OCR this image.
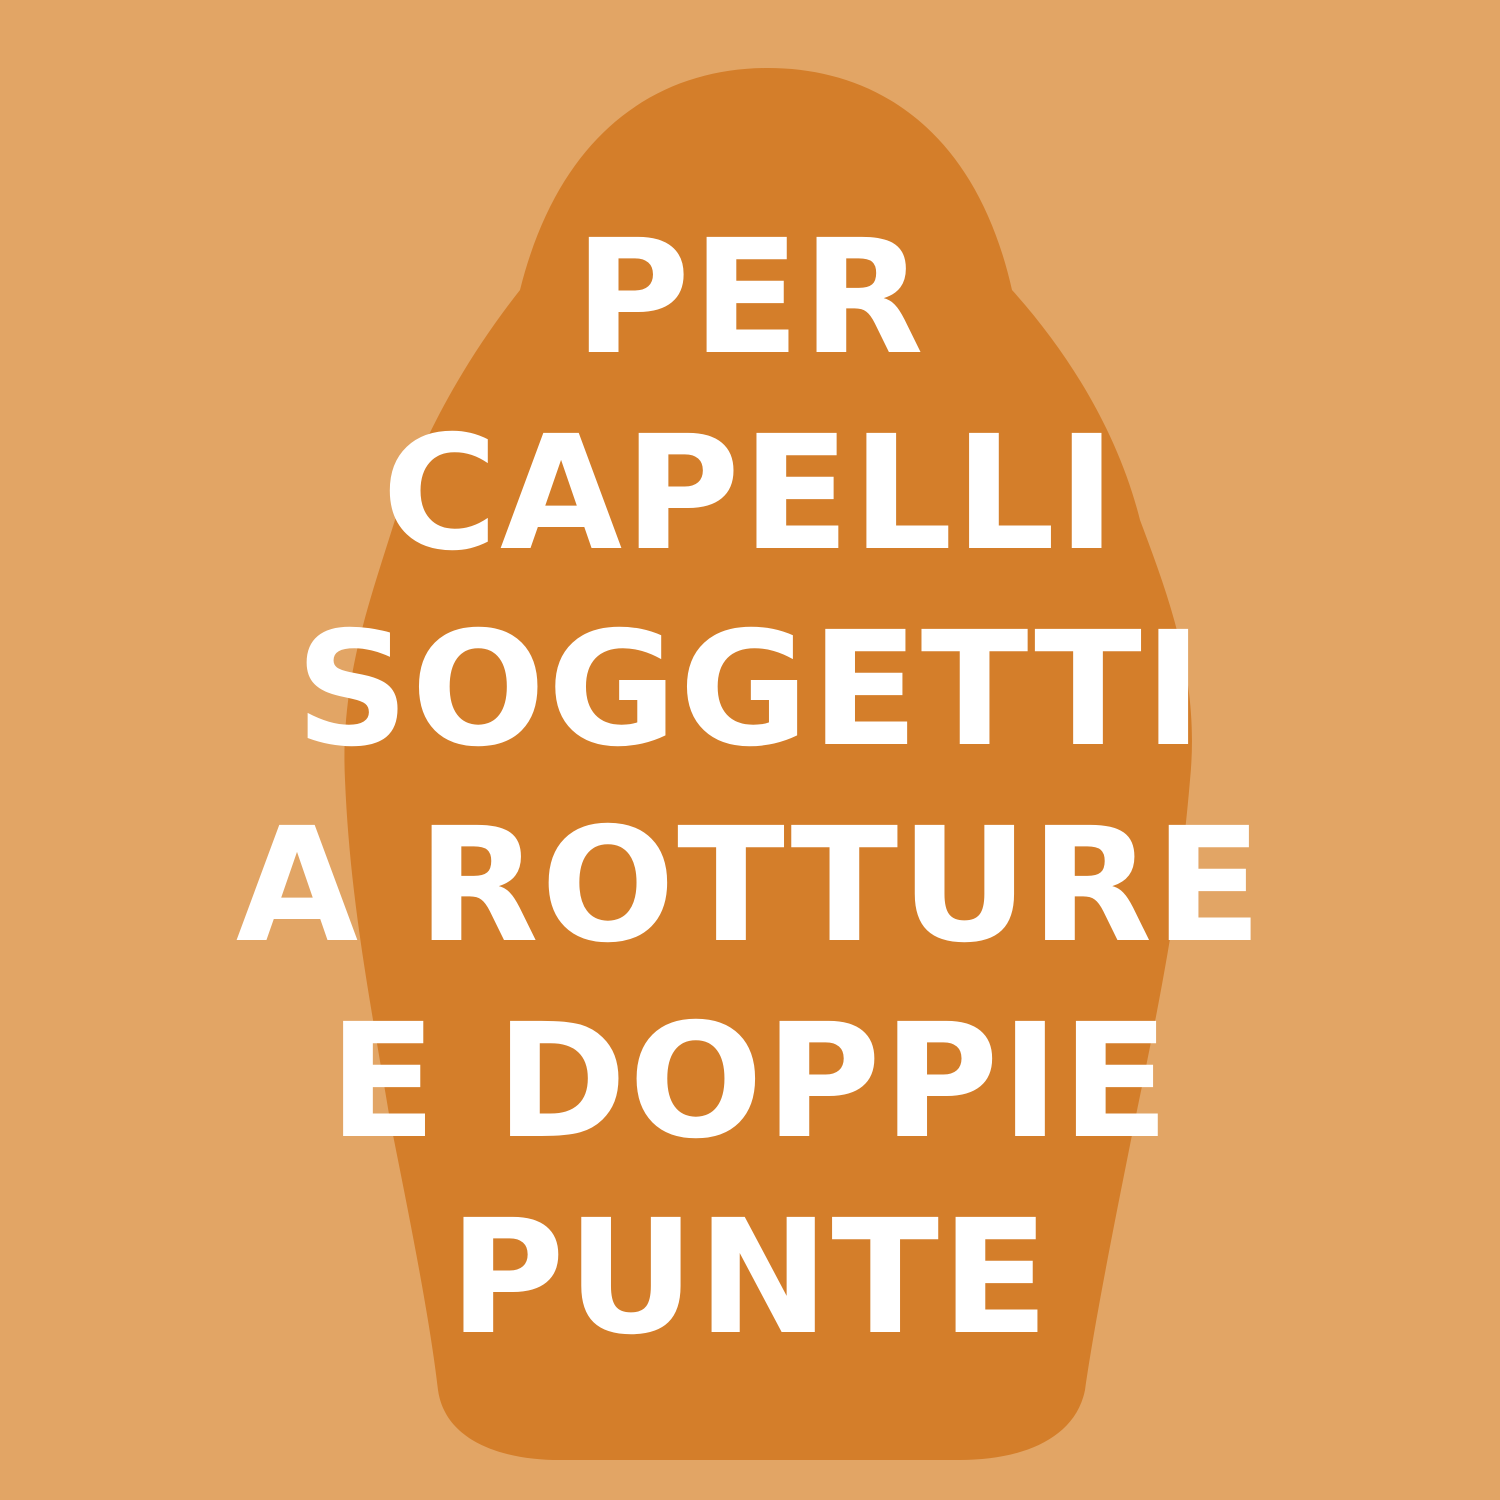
PER
CAPELLI
SOGGETTI
A ROTTURE
E DOPPIE
PUNTE
